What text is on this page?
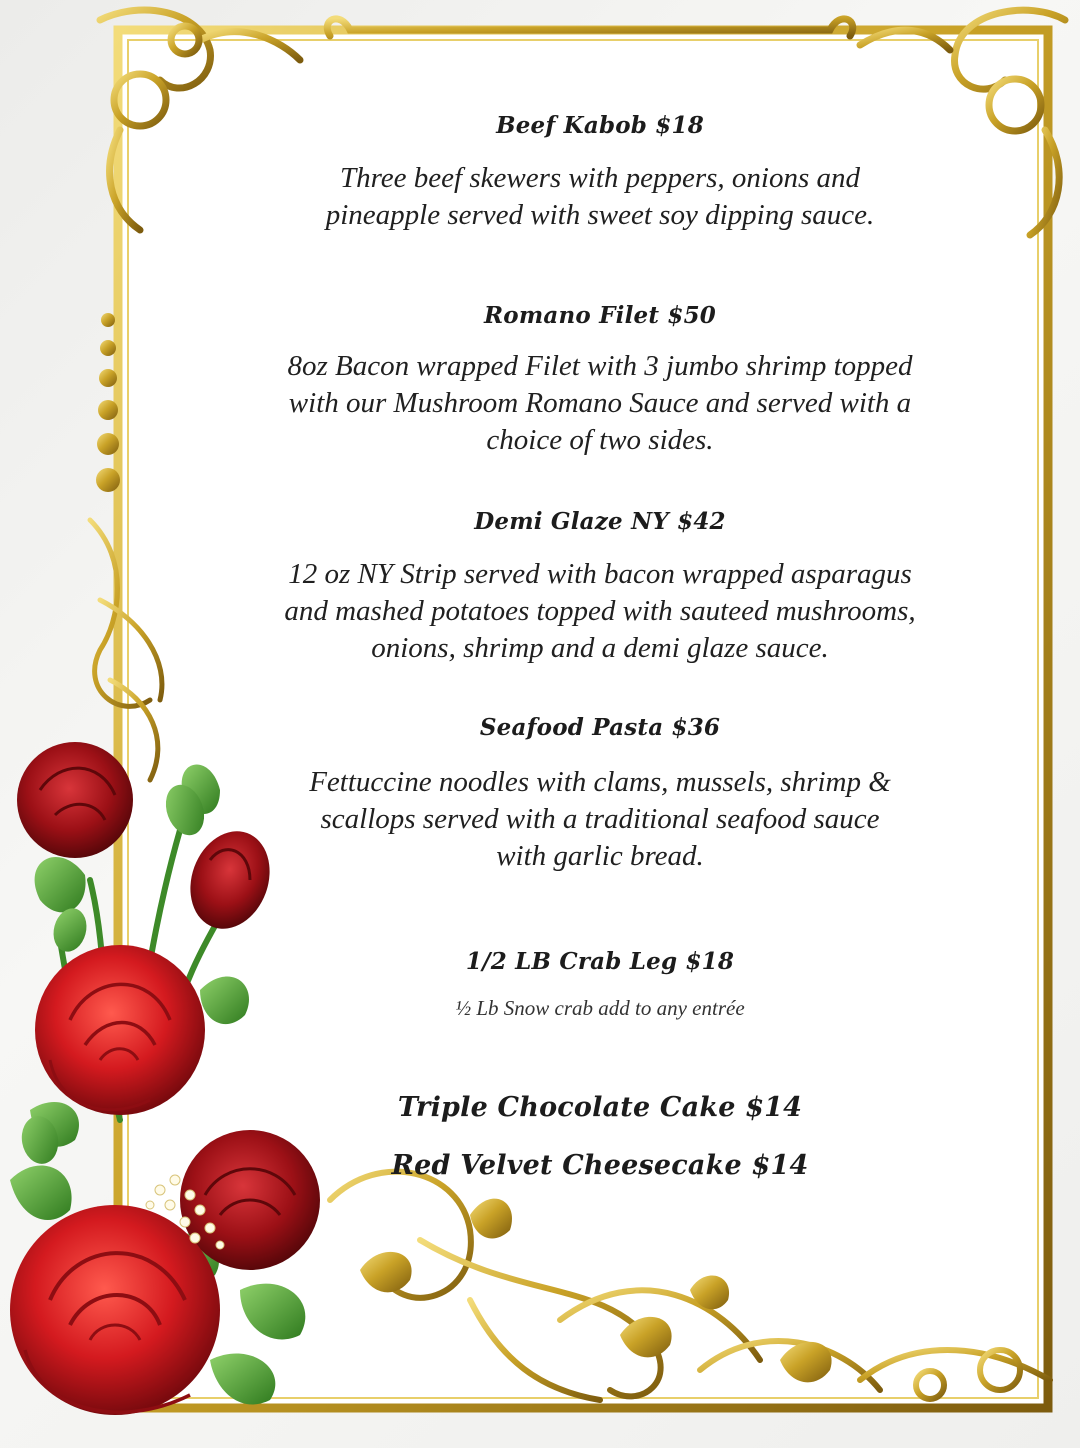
Beef Kabob $18
Three beef skewers with peppers, onions and
pineapple served with sweet soy dipping sauce.
Romano Filet $50
8oz Bacon wrapped Filet with 3 jumbo shrimp topped
with our Mushroom Romano Sauce and served with a
choice of two sides.
Demi Glaze NY $42
12 oz NY Strip served with bacon wrapped asparagus
and mashed potatoes topped with sauteed mushrooms,
onions, shrimp and a demi glaze sauce.
Seafood Pasta $36
Fettuccine noodles with clams, mussels, shrimp &
scallops served with a traditional seafood sauce
with garlic bread.
1/2 LB Crab Leg $18
½ Lb Snow crab add to any entrée
Triple Chocolate Cake $14
Red Velvet Cheesecake $14
